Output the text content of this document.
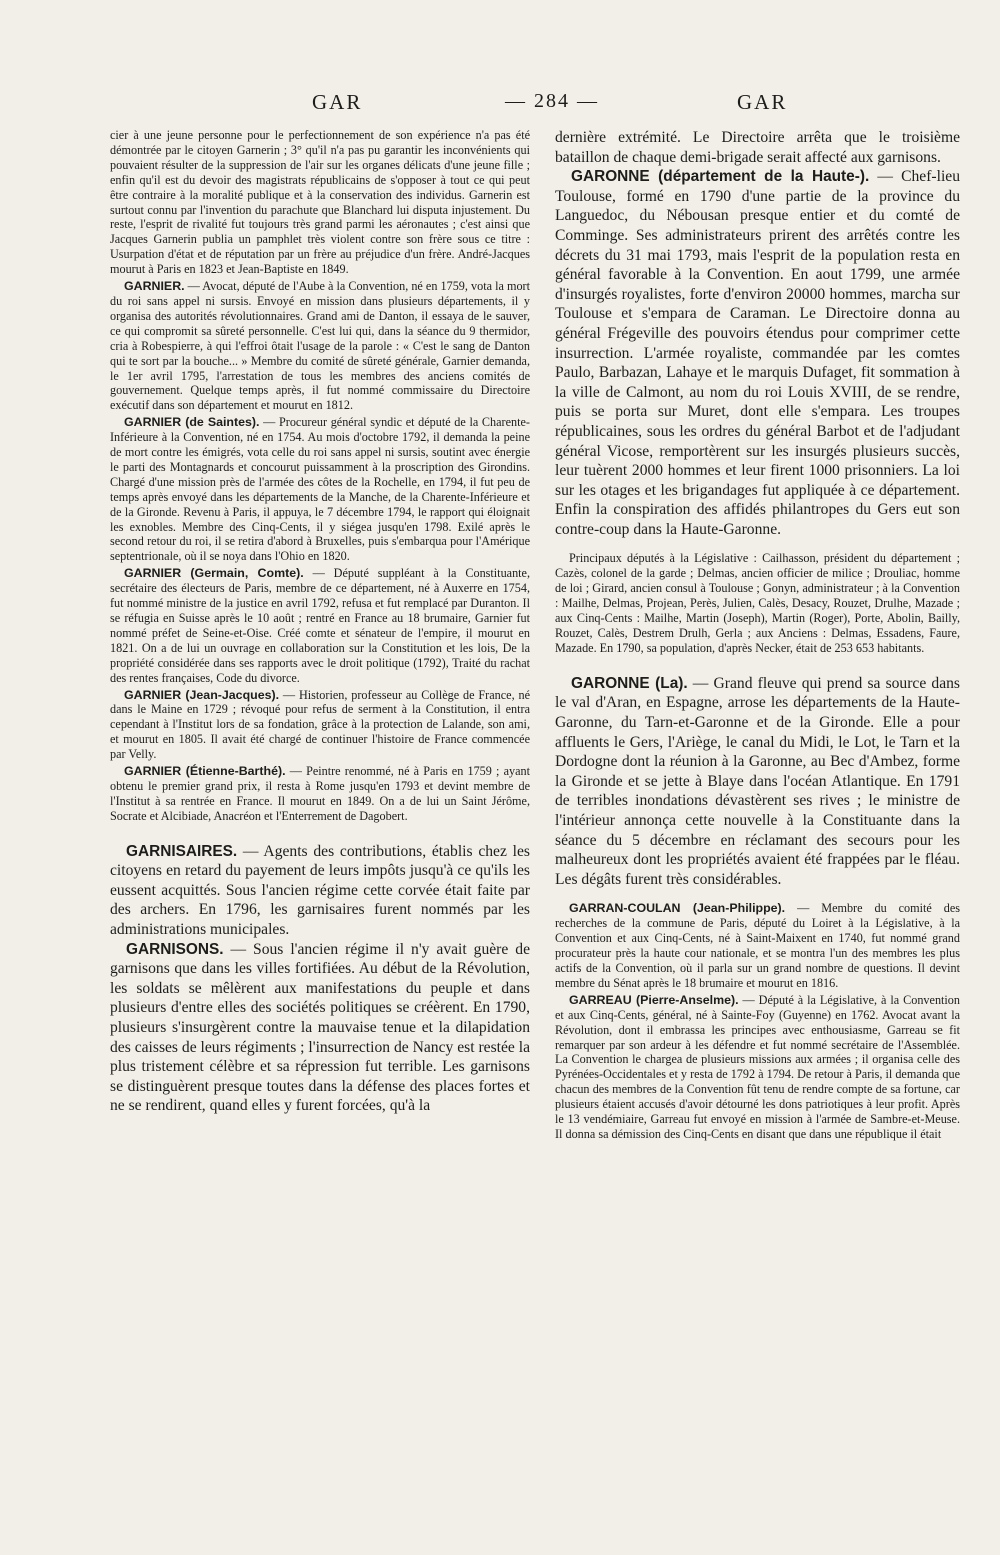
GAR	— 284 —	GAR

cier à une jeune personne pour le perfectionnement de son expérience n'a pas été démontrée par le citoyen Garnerin ; 3° qu'il n'a pas pu garantir les inconvénients qui pouvaient résulter de la suppression de l'air sur les organes délicats d'une jeune fille ; enfin qu'il est du devoir des magistrats républicains de s'opposer à tout ce qui peut être contraire à la moralité publique et à la conservation des individus. Garnerin est surtout connu par l'invention du parachute que Blanchard lui disputa injustement. Du reste, l'esprit de rivalité fut toujours très grand parmi les aéronautes ; c'est ainsi que Jacques Garnerin publia un pamphlet très violent contre son frère sous ce titre : Usurpation d'état et de réputation par un frère au préjudice d'un frère. André-Jacques mourut à Paris en 1823 et Jean-Baptiste en 1849.

GARNIER. — Avocat, député de l'Aube à la Convention, né en 1759, vota la mort du roi sans appel ni sursis. Envoyé en mission dans plusieurs départements, il y organisa des autorités révolutionnaires. Grand ami de Danton, il essaya de le sauver, ce qui compromit sa sûreté personnelle. C'est lui qui, dans la séance du 9 thermidor, cria à Robespierre, à qui l'effroi ôtait l'usage de la parole : « C'est le sang de Danton qui te sort par la bouche... » Membre du comité de sûreté générale, Garnier demanda, le 1er avril 1795, l'arrestation de tous les membres des anciens comités de gouvernement. Quelque temps après, il fut nommé commissaire du Directoire exécutif dans son département et mourut en 1812.

GARNIER (de Saintes). — Procureur général syndic et député de la Charente-Inférieure à la Convention, né en 1754. Au mois d'octobre 1792, il demanda la peine de mort contre les émigrés, vota celle du roi sans appel ni sursis, soutint avec énergie le parti des Montagnards et concourut puissamment à la proscription des Girondins. Chargé d'une mission près de l'armée des côtes de la Rochelle, en 1794, il fut peu de temps après envoyé dans les départements de la Manche, de la Charente-Inférieure et de la Gironde. Revenu à Paris, il appuya, le 7 décembre 1794, le rapport qui éloignait les exnobles. Membre des Cinq-Cents, il y siégea jusqu'en 1798. Exilé après le second retour du roi, il se retira d'abord à Bruxelles, puis s'embarqua pour l'Amérique septentrionale, où il se noya dans l'Ohio en 1820.

GARNIER (Germain, Comte). — Député suppléant à la Constituante, secrétaire des électeurs de Paris, membre de ce département, né à Auxerre en 1754, fut nommé ministre de la justice en avril 1792, refusa et fut remplacé par Duranton. Il se réfugia en Suisse après le 10 août ; rentré en France au 18 brumaire, Garnier fut nommé préfet de Seine-et-Oise. Créé comte et sénateur de l'empire, il mourut en 1821. On a de lui un ouvrage en collaboration sur la Constitution et les lois, De la propriété considérée dans ses rapports avec le droit politique (1792), Traité du rachat des rentes françaises, Code du divorce.

GARNIER (Jean-Jacques). — Historien, professeur au Collège de France, né dans le Maine en 1729 ; révoqué pour refus de serment à la Constitution, il entra cependant à l'Institut lors de sa fondation, grâce à la protection de Lalande, son ami, et mourut en 1805. Il avait été chargé de continuer l'histoire de France commencée par Velly.

GARNIER (Étienne-Barthé). — Peintre renommé, né à Paris en 1759 ; ayant obtenu le premier grand prix, il resta à Rome jusqu'en 1793 et devint membre de l'Institut à sa rentrée en France. Il mourut en 1849. On a de lui un Saint Jérôme, Socrate et Alcibiade, Anacréon et l'Enterrement de Dagobert.

GARNISAIRES. — Agents des contributions, établis chez les citoyens en retard du payement de leurs impôts jusqu'à ce qu'ils les eussent acquittés. Sous l'ancien régime cette corvée était faite par des archers. En 1796, les garnisaires furent nommés par les administrations municipales.

GARNISONS. — Sous l'ancien régime il n'y avait guère de garnisons que dans les villes fortifiées. Au début de la Révolution, les soldats se mêlèrent aux manifestations du peuple et dans plusieurs d'entre elles des sociétés politiques se créèrent. En 1790, plusieurs s'insurgèrent contre la mauvaise tenue et la dilapidation des caisses de leurs régiments ; l'insurrection de Nancy est restée la plus tristement célèbre et sa répression fut terrible. Les garnisons se distinguèrent presque toutes dans la défense des places fortes et ne se rendirent, quand elles y furent forcées, qu'à la

dernière extrémité. Le Directoire arrêta que le troisième bataillon de chaque demi-brigade serait affecté aux garnisons.

GARONNE (département de la Haute-). — Chef-lieu Toulouse, formé en 1790 d'une partie de la province du Languedoc, du Nébousan presque entier et du comté de Comminge. Ses administrateurs prirent des arrêtés contre les décrets du 31 mai 1793, mais l'esprit de la population resta en général favorable à la Convention. En aout 1799, une armée d'insurgés royalistes, forte d'environ 20000 hommes, marcha sur Toulouse et s'empara de Caraman. Le Directoire donna au général Frégeville des pouvoirs étendus pour comprimer cette insurrection. L'armée royaliste, commandée par les comtes Paulo, Barbazan, Lahaye et le marquis Dufaget, fit sommation à la ville de Calmont, au nom du roi Louis XVIII, de se rendre, puis se porta sur Muret, dont elle s'empara. Les troupes républicaines, sous les ordres du général Barbot et de l'adjudant général Vicose, remportèrent sur les insurgés plusieurs succès, leur tuèrent 2000 hommes et leur firent 1000 prisonniers. La loi sur les otages et les brigandages fut appliquée à ce département. Enfin la conspiration des affidés philantropes du Gers eut son contre-coup dans la Haute-Garonne.

Principaux députés à la Législative : Cailhasson, président du département ; Cazès, colonel de la garde ; Delmas, ancien officier de milice ; Drouliac, homme de loi ; Girard, ancien consul à Toulouse ; Gonyn, administrateur ; à la Convention : Mailhe, Delmas, Projean, Perès, Julien, Calès, Desacy, Rouzet, Drulhe, Mazade ; aux Cinq-Cents : Mailhe, Martin (Joseph), Martin (Roger), Porte, Abolin, Bailly, Rouzet, Calès, Destrem Drulh, Gerla ; aux Anciens : Delmas, Essadens, Faure, Mazade. En 1790, sa population, d'après Necker, était de 253 653 habitants.

GARONNE (La). — Grand fleuve qui prend sa source dans le val d'Aran, en Espagne, arrose les départements de la Haute-Garonne, du Tarn-et-Garonne et de la Gironde. Elle a pour affluents le Gers, l'Ariège, le canal du Midi, le Lot, le Tarn et la Dordogne dont la réunion à la Garonne, au Bec d'Ambez, forme la Gironde et se jette à Blaye dans l'océan Atlantique. En 1791 de terribles inondations dévastèrent ses rives ; le ministre de l'intérieur annonça cette nouvelle à la Constituante dans la séance du 5 décembre en réclamant des secours pour les malheureux dont les propriétés avaient été frappées par le fléau. Les dégâts furent très considérables.

GARRAN-COULAN (Jean-Philippe). — Membre du comité des recherches de la commune de Paris, député du Loiret à la Législative, à la Convention et aux Cinq-Cents, né à Saint-Maixent en 1740, fut nommé grand procurateur près la haute cour nationale, et se montra l'un des membres les plus actifs de la Convention, où il parla sur un grand nombre de questions. Il devint membre du Sénat après le 18 brumaire et mourut en 1816.

GARREAU (Pierre-Anselme). — Député à la Législative, à la Convention et aux Cinq-Cents, général, né à Sainte-Foy (Guyenne) en 1762. Avocat avant la Révolution, dont il embrassa les principes avec enthousiasme, Garreau se fit remarquer par son ardeur à les défendre et fut nommé secrétaire de l'Assemblée. La Convention le chargea de plusieurs missions aux armées ; il organisa celle des Pyrénées-Occidentales et y resta de 1792 à 1794. De retour à Paris, il demanda que chacun des membres de la Convention fût tenu de rendre compte de sa fortune, car plusieurs étaient accusés d'avoir détourné les dons patriotiques à leur profit. Après le 13 vendémiaire, Garreau fut envoyé en mission à l'armée de Sambre-et-Meuse. Il donna sa démission des Cinq-Cents en disant que dans une république il était
